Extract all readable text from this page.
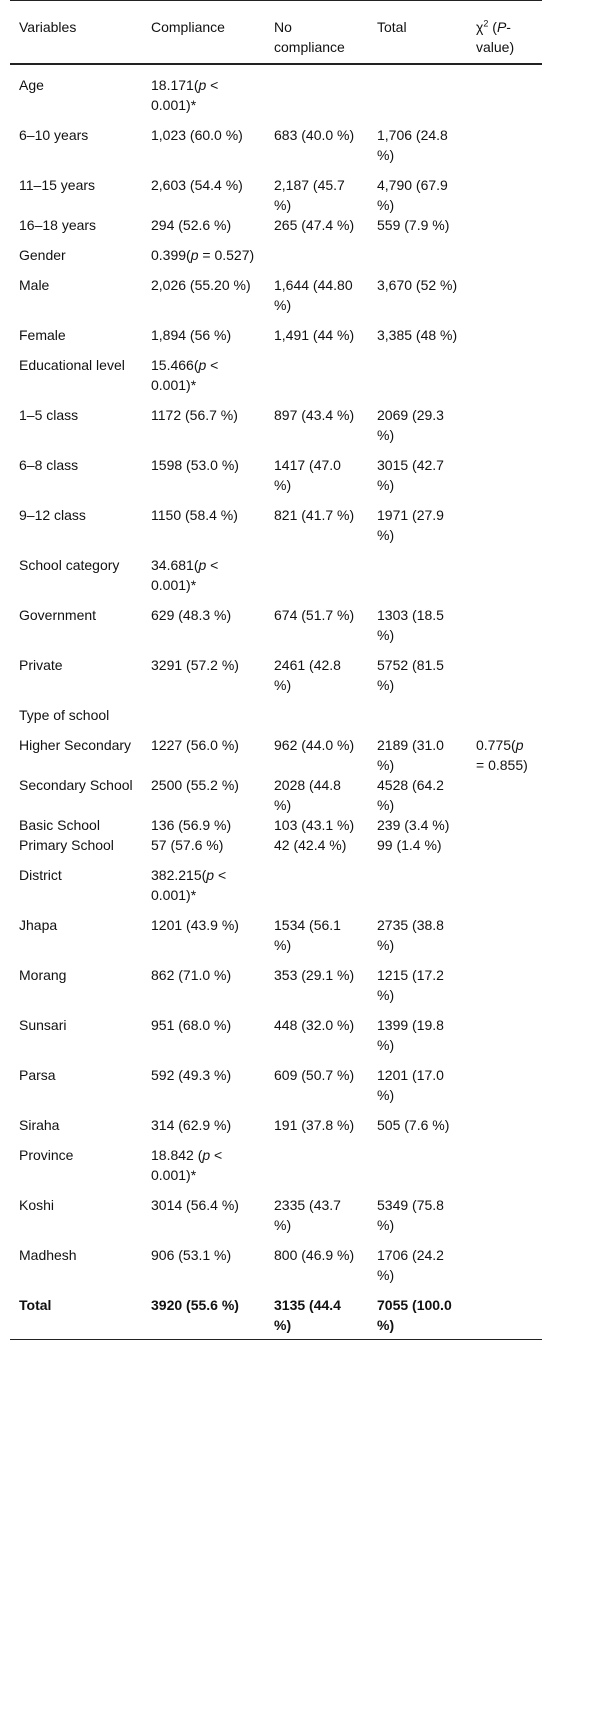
Variables	Compliance	No compliance	Total	$\chi^2$ (P-value)
Age	18.171(p < 0.001)*			
6–10 years	1,023 (60.0 %)	683 (40.0 %)	1,706 (24.8 %)	
11–15 years	2,603 (54.4 %)	2,187 (45.7 %)	4,790 (67.9 %)	
16–18 years	294 (52.6 %)	265 (47.4 %)	559 (7.9 %)	
Gender	0.399(p = 0.527)			
Male	2,026 (55.20 %)	1,644 (44.80 %)	3,670 (52 %)	
Female	1,894 (56 %)	1,491 (44 %)	3,385 (48 %)	
Educational level	15.466(p < 0.001)*			
1–5 class	1172 (56.7 %)	897 (43.4 %)	2069 (29.3 %)	
6–8 class	1598 (53.0 %)	1417 (47.0 %)	3015 (42.7 %)	
9–12 class	1150 (58.4 %)	821 (41.7 %)	1971 (27.9 %)	
School category	34.681(p < 0.001)*			
Government	629 (48.3 %)	674 (51.7 %)	1303 (18.5 %)	
Private	3291 (57.2 %)	2461 (42.8 %)	5752 (81.5 %)	
Type of school				
Higher Secondary	1227 (56.0 %)	962 (44.0 %)	2189 (31.0 %)	0.775(p = 0.855)
Secondary School	2500 (55.2 %)	2028 (44.8 %)	4528 (64.2 %)	
Basic School	136 (56.9 %)	103 (43.1 %)	239 (3.4 %)	
Primary School	57 (57.6 %)	42 (42.4 %)	99 (1.4 %)	
District	382.215(p < 0.001)*			
Jhapa	1201 (43.9 %)	1534 (56.1 %)	2735 (38.8 %)	
Morang	862 (71.0 %)	353 (29.1 %)	1215 (17.2 %)	
Sunsari	951 (68.0 %)	448 (32.0 %)	1399 (19.8 %)	
Parsa	592 (49.3 %)	609 (50.7 %)	1201 (17.0 %)	
Siraha	314 (62.9 %)	191 (37.8 %)	505 (7.6 %)	
Province	18.842 (p < 0.001)*			
Koshi	3014 (56.4 %)	2335 (43.7 %)	5349 (75.8 %)	
Madhesh	906 (53.1 %)	800 (46.9 %)	1706 (24.2 %)	
Total	3920 (55.6 %)	3135 (44.4 %)	7055 (100.0 %)	
